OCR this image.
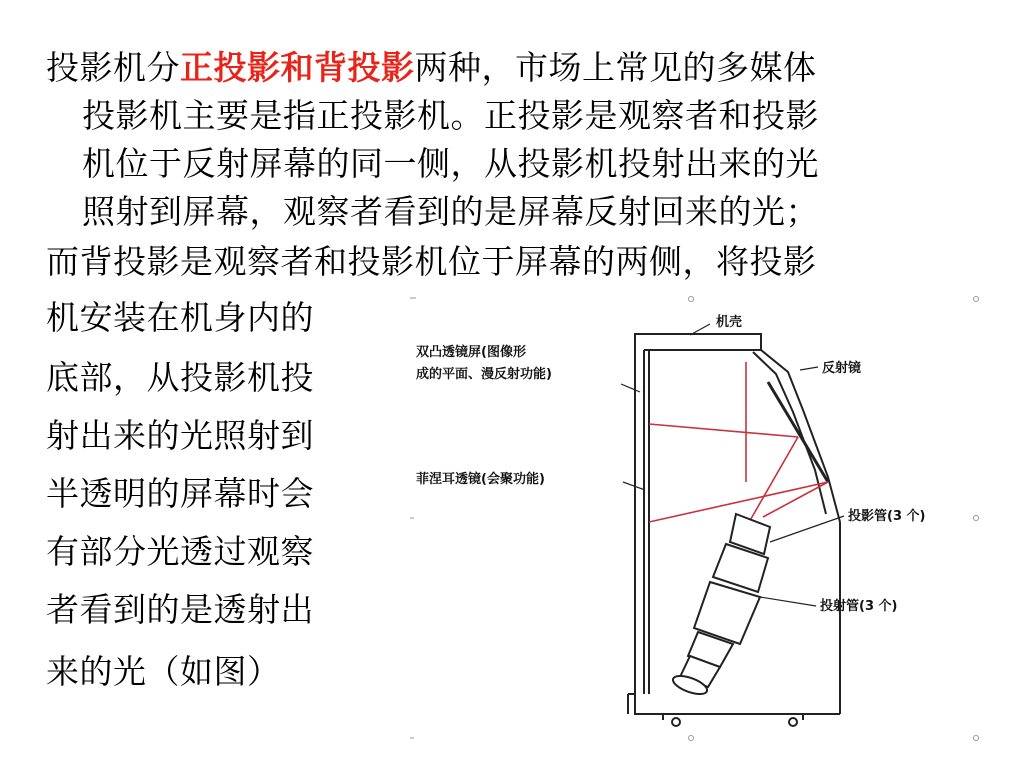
投影机分正投影和背投影两种，市场上常见的多媒体
投影机主要是指正投影机。正投影是观察者和投影
机位于反射屏幕的同一侧，从投影机投射出来的光
照射到屏幕，观察者看到的是屏幕反射回来的光；
而背投影是观察者和投影机位于屏幕的两侧，将投影
机安装在机身内的
底部，从投影机投
射出来的光照射到
半透明的屏幕时会
有部分光透过观察
者看到的是透射出
来的光（如图）
机壳
双凸透镜屏(图像形
成的平面、漫反射功能)	反射镜
菲涅耳透镜(会聚功能)
投影管(3 个)
投射管(3 个)
